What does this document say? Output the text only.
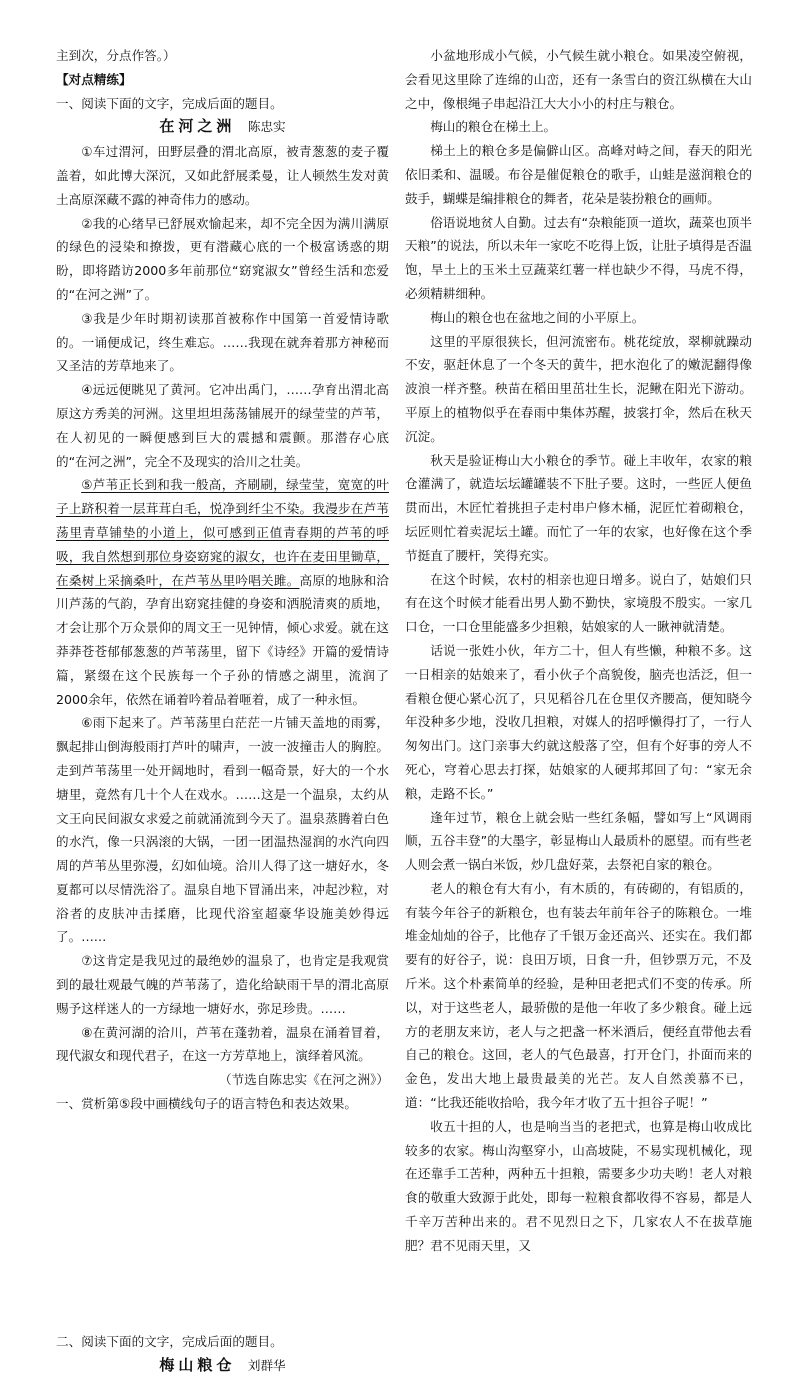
主到次，分点作答。）

【对点精练】

一、阅读下面的文字，完成后面的题目。

在河之洲 陈忠实

①车过渭河，田野层叠的渭北高原，被青葱葱的麦子覆盖着，如此博大深沉，又如此舒展柔曼，让人顿然生发对黄土高原深藏不露的神奇伟力的感动。

②我的心绪早已舒展欢愉起来，却不完全因为满川满原的绿色的浸染和撩拨，更有潜藏心底的一个极富诱惑的期盼，即将踏访2000多年前那位“窈窕淑女”曾经生活和恋爱的“在河之洲”了。

③我是少年时期初读那首被称作中国第一首爱情诗歌的。一诵便成记，终生难忘。……我现在就奔着那方神秘而又圣洁的芳草地来了。

④远远便眺见了黄河。它冲出禹门，……孕育出渭北高原这方秀美的河洲。这里坦坦荡荡铺展开的绿莹莹的芦苇，在人初见的一瞬便感到巨大的震撼和震颤。那潜存心底的“在河之洲”，完全不及现实的洽川之壮美。

⑤芦苇正长到和我一般高，齐刷刷，绿莹莹，宽宽的叶子上跻积着一层茸茸白毛，悦净到纤尘不染。我漫步在芦苇荡里青草铺垫的小道上，似可感到正值青春期的芦苇的呼吸，我自然想到那位身姿窈窕的淑女，也许在麦田里锄草，在桑树上采摘桑叶，在芦苇丛里吟唱关雎。高原的地脉和洽川芦荡的气韵，孕育出窈窕挂健的身姿和洒脱清爽的质地，才会让那个万众景仰的周文王一见钟情，倾心求爱。就在这莽莽苍苍郁郁葱葱的芦苇荡里，留下《诗经》开篇的爱情诗篇，紧缀在这个民族每一个子孙的情感之湖里，流润了2000余年，依然在诵着吟着品着咂着，成了一种永恒。

⑥雨下起来了。芦苇荡里白茫茫一片铺天盖地的雨雾，飘起排山倒海般雨打芦叶的啸声，一波一波撞击人的胸腔。走到芦苇荡里一处开阔地时，看到一幅奇景，好大的一个水塘里，竟然有几十个人在戏水。……这是一个温泉，太约从文王向民间淑女求爱之前就涌流到今天了。温泉蒸腾着白色的水汽，像一只涡滚的大锅，一团一团温热湿润的水汽向四周的芦苇丛里弥漫，幻如仙境。洽川人得了这一塘好水，冬夏都可以尽情洗浴了。温泉自地下冒涌出来，冲起沙粒，对浴者的皮肤冲击揉磨，比现代浴室超豪华设施美妙得远了。……

⑦这肯定是我见过的最绝妙的温泉了，也肯定是我观赏到的最壮观最气魄的芦苇荡了，造化给缺雨干旱的渭北高原赐予这样迷人的一方绿地一塘好水，弥足珍贵。……

⑧在黄河湖的洽川，芦苇在蓬勃着，温泉在涌着冒着，现代淑女和现代君子，在这一方芳草地上，演绎着风流。

（节选自陈忠实《在河之洲》）

一、赏析第⑤段中画横线句子的语言特色和表达效果。

二、阅读下面的文字，完成后面的题目。

梅山粮仓 刘群华

小盆地形成小气候，小气候生就小粮仓。如果凌空俯视，会看见这里除了连绵的山峦，还有一条雪白的资江纵横在大山之中，像根绳子串起沿江大大小小的村庄与粮仓。

梅山的粮仓在梯土上。

梯土上的粮仓多是偏僻山区。高峰对峙之间，春天的阳光依旧柔和、温暖。布谷是催促粮仓的歌手，山蛙是滋润粮仓的鼓手，蝴蝶是编排粮仓的舞者，花朵是装扮粮仓的画师。

俗语说地贫人自勤。过去有“杂粮能顶一道坎，蔬菜也顶半天粮”的说法，所以未年一家吃不吃得上饭，让肚子填得是否温饱，旱土上的玉米土豆蔬菜红薯一样也缺少不得，马虎不得，必须精耕细种。

梅山的粮仓也在盆地之间的小平原上。

这里的平原很狭长，但河流密布。桃花绽放，翠柳就躁动不安，驱赶休息了一个冬天的黄牛，把水泡化了的嫩泥翻得像波浪一样齐整。秧苗在稻田里茁壮生长，泥鳅在阳光下游动。平原上的植物似乎在春雨中集体苏醒，披裳打伞，然后在秋天沉淀。

秋天是验证梅山大小粮仓的季节。碰上丰收年，农家的粮仓灌满了，就造坛坛罐罐装不下肚子要。这时，一些匠人便鱼贯而出，木匠忙着挑担子走村串户修木桶，泥匠忙着砌粮仓，坛匠则忙着卖泥坛土罐。而忙了一年的农家，也好像在这个季节挺直了腰杆，笑得充实。

在这个时候，农村的相亲也迎日增多。说白了，姑娘们只有在这个时候才能看出男人勤不勤快，家境殷不殷实。一家几口仓，一口仓里能盛多少担粮，姑娘家的人一瞅神就清楚。

话说一张姓小伙，年方二十，但人有些懒，种粮不多。这一日相亲的姑娘来了，看小伙子个高貌俊，脑壳也活泛，但一看粮仓便心紧心沉了，只见稻谷几在仓里仅齐腰高，便知晓今年没种多少地，没收几担粮，对媒人的招呼懒得打了，一行人匆匆出门。这门亲事大约就这般落了空，但有个好事的旁人不死心，穹着心思去打探，姑娘家的人硬邦邦回了句：“家无余粮，走路不长。”

逢年过节，粮仓上就会贴一些红条幅，譬如写上“风调雨顺，五谷丰登”的大墨字，彰显梅山人最质朴的愿望。而有些老人则会煮一锅白米饭，炒几盘好菜，去祭祀自家的粮仓。

老人的粮仓有大有小，有木质的，有砖砌的，有铝质的，有装今年谷子的新粮仓，也有装去年前年谷子的陈粮仓。一堆堆金灿灿的谷子，比他存了千银万金还高兴、还实在。我们都要有的好谷子，说：良田万顷，日食一升，但钞票万元，不及斤米。这个朴素简单的经验，是种田老把式们不变的传承。所以，对于这些老人，最骄傲的是他一年收了多少粮食。碰上远方的老朋友来访，老人与之把盏一杯米酒后，便经直带他去看自己的粮仓。这回，老人的气色最喜，打开仓门，扑面而来的金色，发出大地上最贵最美的光芒。友人自然羡慕不已，道：“比我还能收拾哈，我今年才收了五十担谷子呢！”

收五十担的人，也是响当当的老把式，也算是梅山收成比较多的农家。梅山沟壑穿小，山高坡陡，不易实现机械化，现在还靠手工苦种，两种五十担粮，需要多少功夫哟！老人对粮食的敬重大致源于此处，即每一粒粮食都收得不容易，都是人千辛万苦种出来的。君不见烈日之下，几家农人不在拔草施肥？君不见雨天里，又
